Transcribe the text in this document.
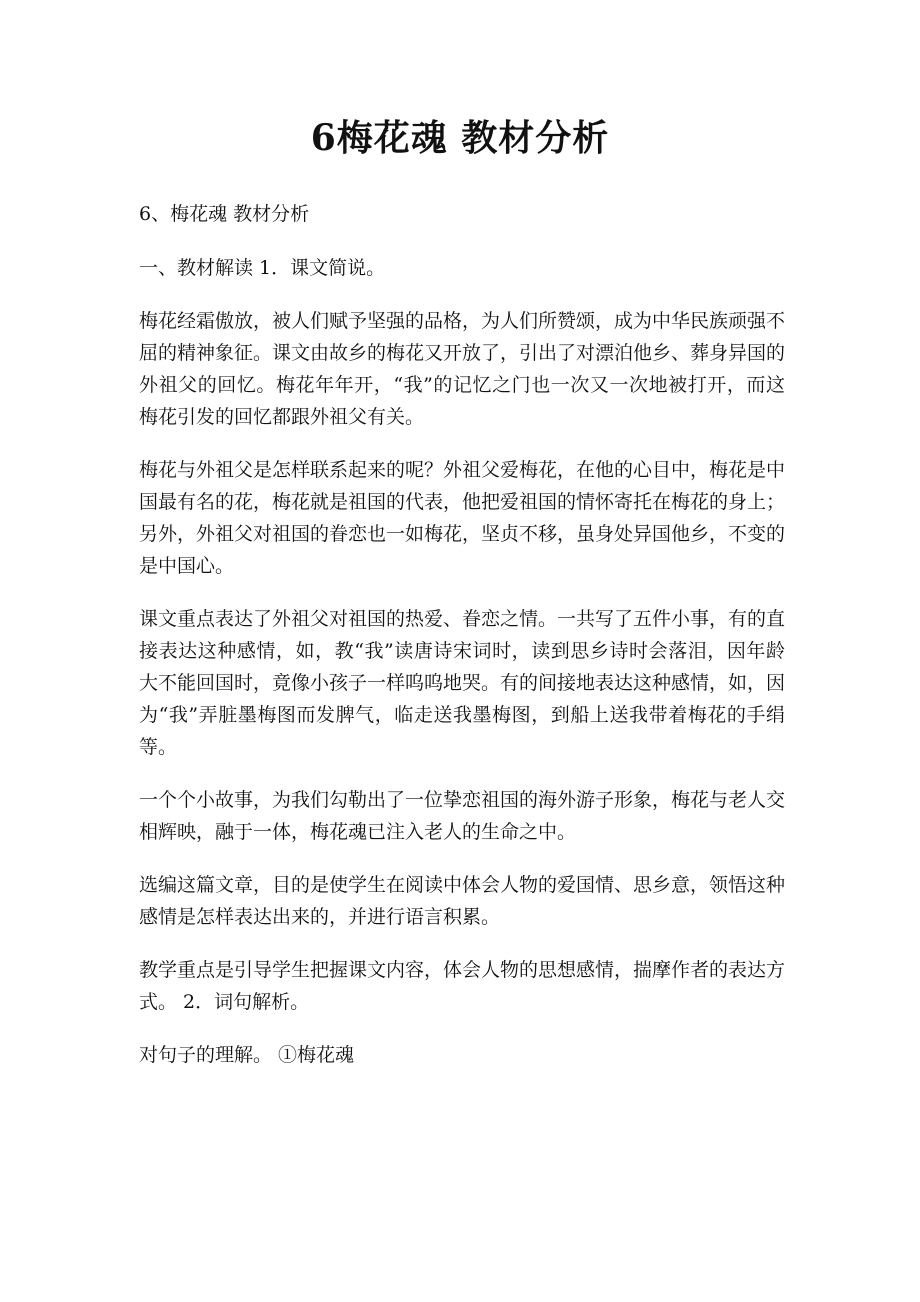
6梅花魂 教材分析

6、梅花魂 教材分析

一、教材解读 1．课文简说。

梅花经霜傲放，被人们赋予坚强的品格，为人们所赞颂，成为中华民族顽强不屈的精神象征。课文由故乡的梅花又开放了，引出了对漂泊他乡、葬身异国的外祖父的回忆。梅花年年开，“我”的记忆之门也一次又一次地被打开，而这梅花引发的回忆都跟外祖父有关。

梅花与外祖父是怎样联系起来的呢？外祖父爱梅花，在他的心目中，梅花是中国最有名的花，梅花就是祖国的代表，他把爱祖国的情怀寄托在梅花的身上；另外，外祖父对祖国的眷恋也一如梅花，坚贞不移，虽身处异国他乡，不变的是中国心。

课文重点表达了外祖父对祖国的热爱、眷恋之情。一共写了五件小事，有的直接表达这种感情，如，教“我”读唐诗宋词时，读到思乡诗时会落泪，因年龄大不能回国时，竟像小孩子一样呜呜地哭。有的间接地表达这种感情，如，因为“我”弄脏墨梅图而发脾气，临走送我墨梅图，到船上送我带着梅花的手绢等。

一个个小故事，为我们勾勒出了一位挚恋祖国的海外游子形象，梅花与老人交相辉映，融于一体，梅花魂已注入老人的生命之中。

选编这篇文章，目的是使学生在阅读中体会人物的爱国情、思乡意，领悟这种感情是怎样表达出来的，并进行语言积累。

教学重点是引导学生把握课文内容，体会人物的思想感情，揣摩作者的表达方式。 2．词句解析。

对句子的理解。 ①梅花魂
